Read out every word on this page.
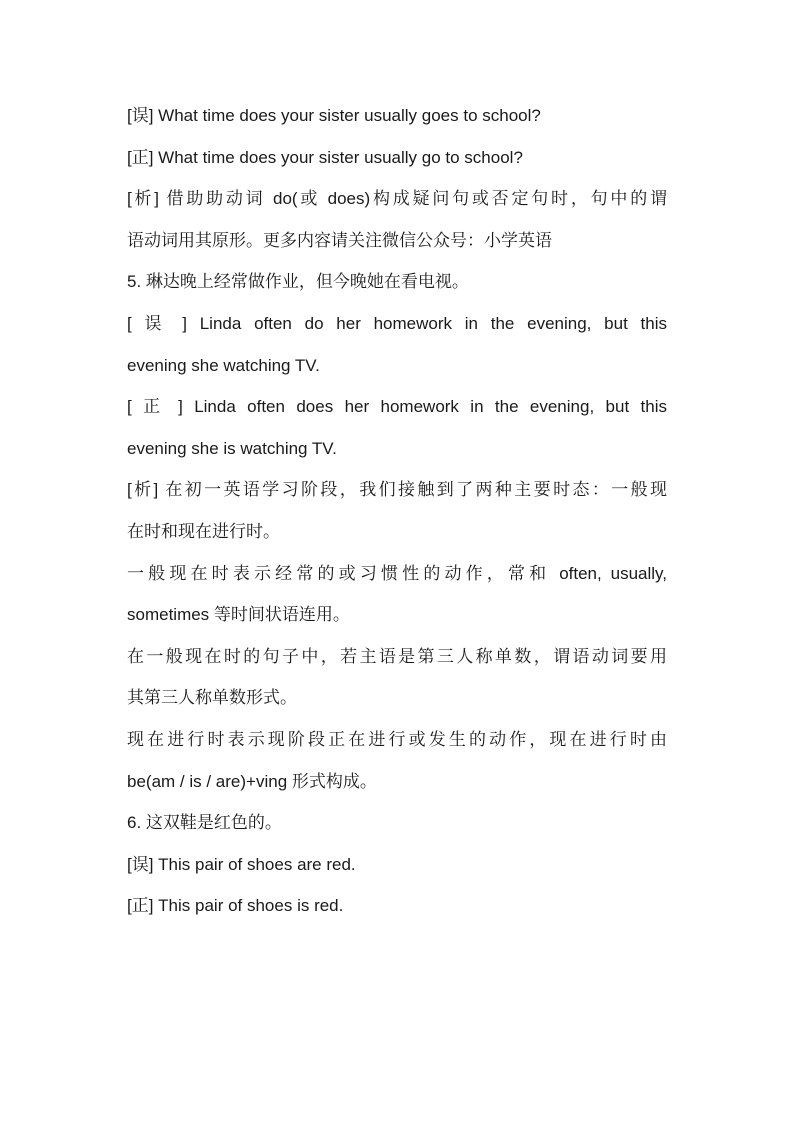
[误] What time does your sister usually goes to school?
[正] What time does your sister usually go to school?
[析] 借助助动词 do(或 does)构成疑问句或否定句时，句中的谓
语动词用其原形。更多内容请关注微信公众号：小学英语
5. 琳达晚上经常做作业，但今晚她在看电视。
[ 误 ] Linda often do her homework in the evening, but this
evening she watching TV.
[ 正 ] Linda often does her homework in the evening, but this
evening she is watching TV.
[析] 在初一英语学习阶段，我们接触到了两种主要时态：一般现
在时和现在进行时。
一般现在时表示经常的或习惯性的动作，常和 often, usually,
sometimes 等时间状语连用。
在一般现在时的句子中，若主语是第三人称单数，谓语动词要用
其第三人称单数形式。
现在进行时表示现阶段正在进行或发生的动作，现在进行时由
be(am / is / are)+ving 形式构成。
6. 这双鞋是红色的。
[误] This pair of shoes are red.
[正] This pair of shoes is red.
